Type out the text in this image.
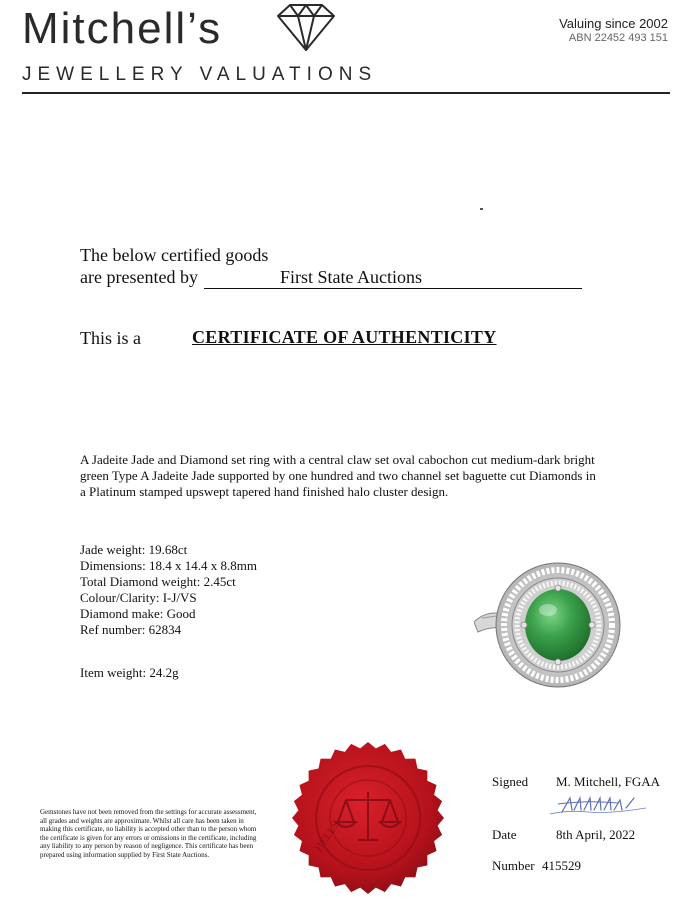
Mitchell’s
JEWELLERY VALUATIONS
Valuing since 2002
ABN 22452 493 151
The below certified goods
are presented by	First State Auctions
This is a	CERTIFICATE OF AUTHENTICITY
A Jadeite Jade and Diamond set ring with a central claw set oval cabochon cut medium-dark bright green Type A Jadeite Jade supported by one hundred and two channel set baguette cut Diamonds in a Platinum stamped upswept tapered hand finished halo cluster design.
Jade weight: 19.68ct
Dimensions: 18.4 x 14.4 x 8.8mm
Total Diamond weight: 2.45ct
Colour/Clarity: I-J/VS
Diamond make: Good
Ref number: 62834
Item weight: 24.2g
HELLS
Signed M. Mitchell, FGAA
Date	8th April, 2022
Number 415529
Gemstones have not been removed from the settings for accurate assessment, all grades and weights are approximate. Whilst all care has been taken in making this certificate, no liability is accepted other than to the person whom the certificate is given for any errors or omissions in the certificate, including any liability to any person by reason of negligence. This certificate has been prepared using information supplied by First State Auctions.
